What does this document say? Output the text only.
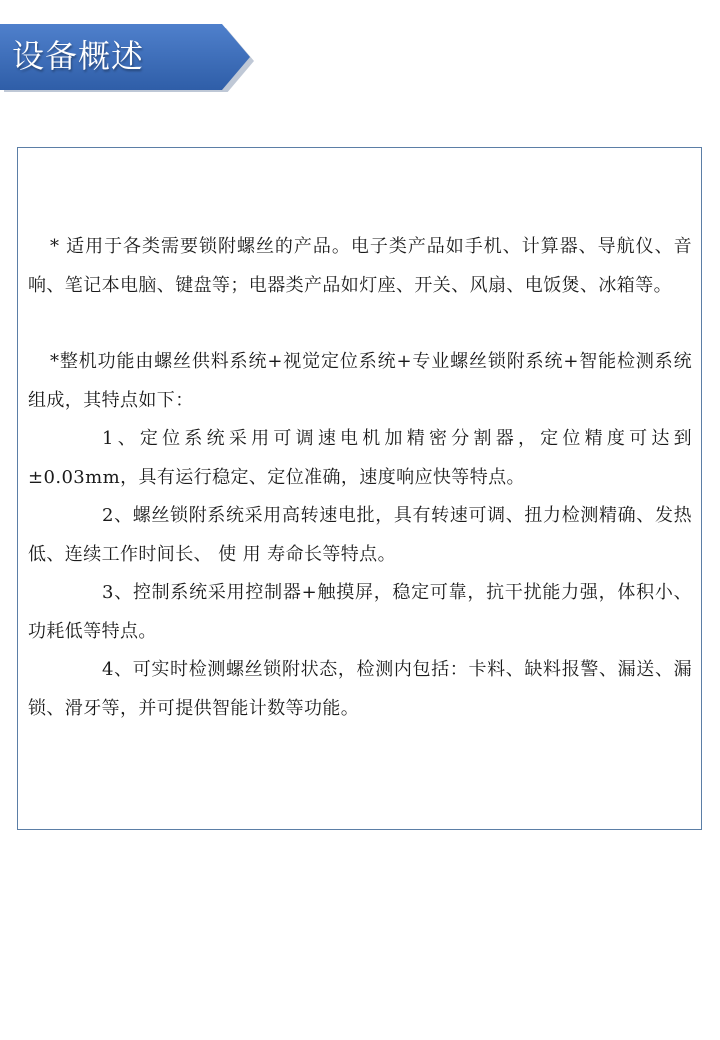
设备概述

* 适用于各类需要锁附螺丝的产品。电子类产品如手机、计算器、导航仪、音响、笔记本电脑、键盘等；电器类产品如灯座、开关、风扇、电饭煲、冰箱等。

*整机功能由螺丝供料系统+视觉定位系统+专业螺丝锁附系统+智能检测系统组成，其特点如下：

1、定位系统采用可调速电机加精密分割器，定位精度可达到±0.03mm，具有运行稳定、定位准确，速度响应快等特点。

2、螺丝锁附系统采用高转速电批，具有转速可调、扭力检测精确、发热低、连续工作时间长、 使 用 寿命长等特点。

3、控制系统采用控制器+触摸屏，稳定可靠，抗干扰能力强，体积小、功耗低等特点。

4、可实时检测螺丝锁附状态，检测内包括：卡料、缺料报警、漏送、漏锁、滑牙等，并可提供智能计数等功能。
